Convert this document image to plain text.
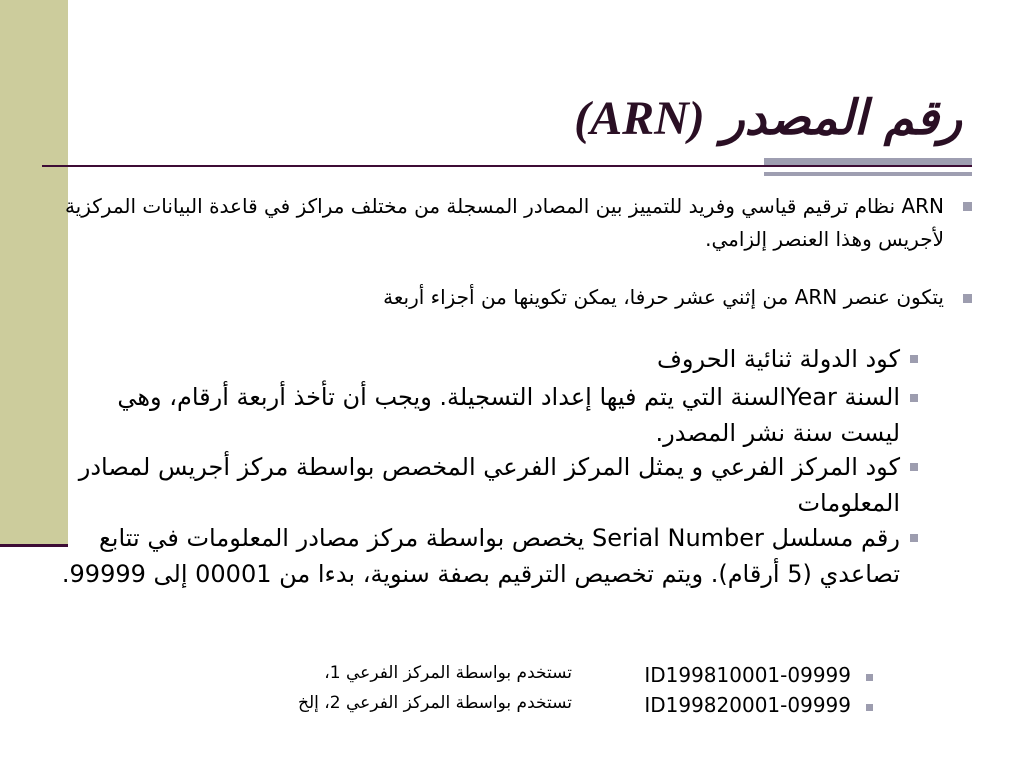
رقم المصدر (ARN)
ARN نظام ترقيم قياسي وفريد للتمييز بين المصادر المسجلة من مختلف مراكز في قاعدة البيانات المركزية لأجريس وهذا العنصر إلزامي.
يتكون عنصر ARN من إثني عشر حرفا، يمكن تكوينها من أجزاء أربعة
كود الدولة ثنائية الحروف
السنة Yearالسنة التي يتم فيها إعداد التسجيلة. ويجب أن تأخذ أربعة أرقام، وهي ليست سنة نشر المصدر.
كود المركز الفرعي و يمثل المركز الفرعي المخصص بواسطة مركز أجريس لمصادر المعلومات
رقم مسلسل Serial Number يخصص بواسطة مركز مصادر المعلومات في تتابع تصاعدي (5 أرقام). ويتم تخصيص الترقيم بصفة سنوية، بدءا من 00001 إلى 99999.
ID199810001-09999
تستخدم بواسطة المركز الفرعي 1،
ID199820001-09999
تستخدم بواسطة المركز الفرعي 2، إلخ
